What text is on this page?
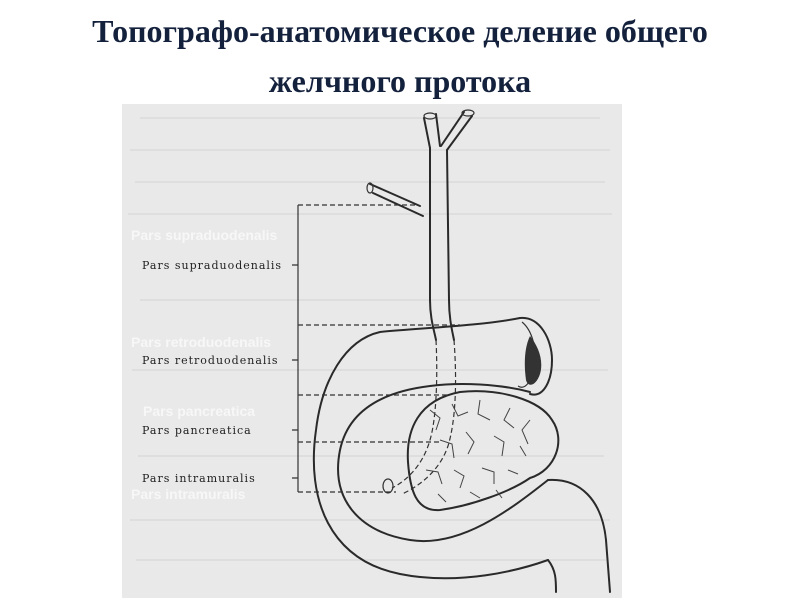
Топографо-анатомическое деление общего
желчного протока
Pars supraduodenalis
Pars retroduodenalis
Pars pancreatica
Pars intramuralis
Pars supraduodenalis
Pars retroduodenalis
Pars pancreatica
Pars intramuralis
